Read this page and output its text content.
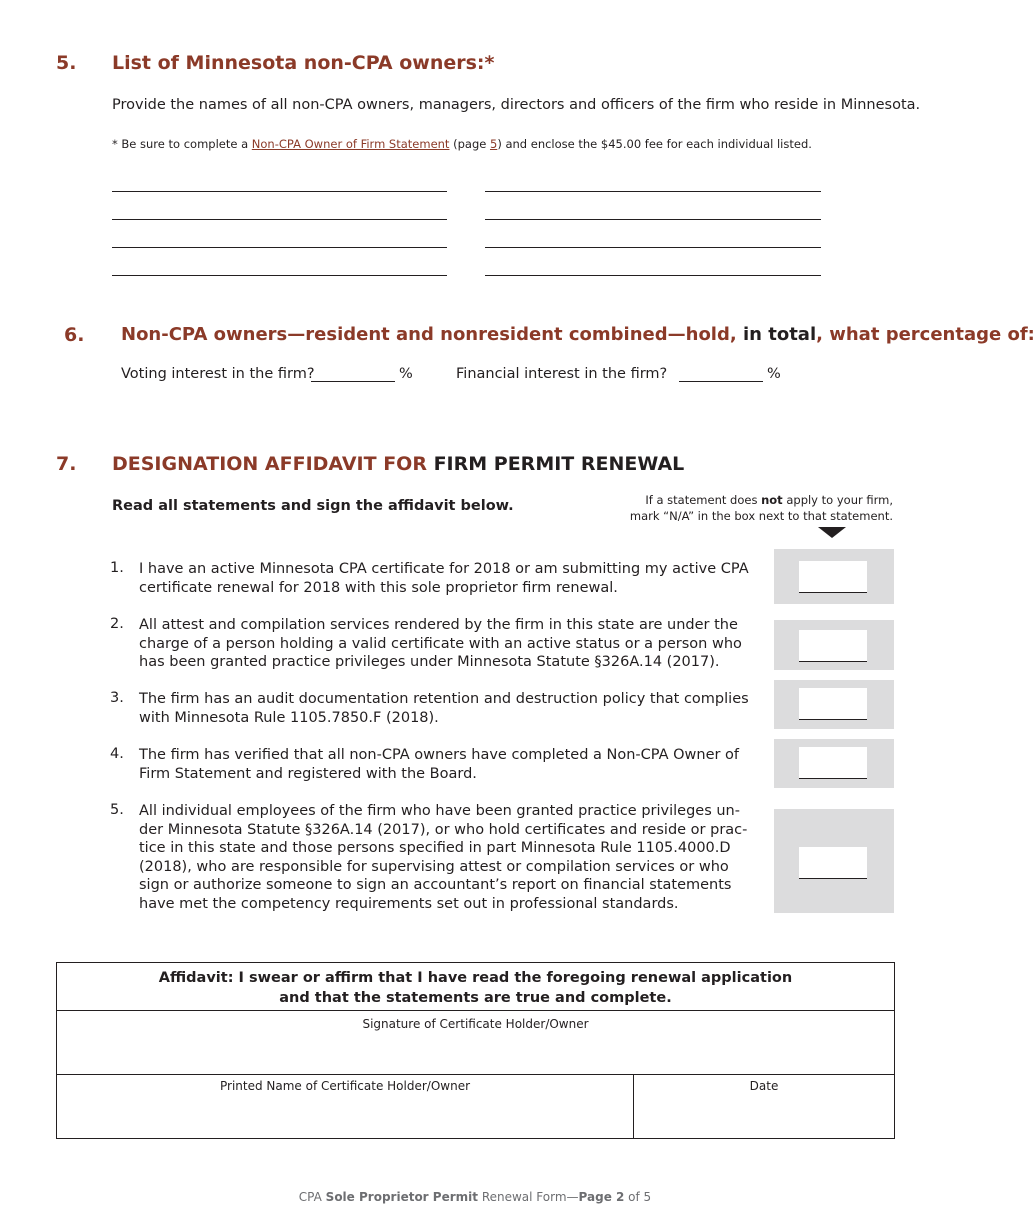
5. List of Minnesota non-CPA owners:*
Provide the names of all non-CPA owners, managers, directors and officers of the firm who reside in Minnesota.
* Be sure to complete a Non-CPA Owner of Firm Statement (page 5) and enclose the $45.00 fee for each individual listed.
6. Non-CPA owners—resident and nonresident combined—hold, in total, what percentage of:
Voting interest in the firm?	%	Financial interest in the firm?	%
7. DESIGNATION AFFIDAVIT FOR FIRM PERMIT RENEWAL
Read all statements and sign the affidavit below.	If a statement does not apply to your firm,
mark “N/A” in the box next to that statement.
1. I have an active Minnesota CPA certificate for 2018 or am submitting my active CPA
certificate renewal for 2018 with this sole proprietor firm renewal.
2. All attest and compilation services rendered by the firm in this state are under the
charge of a person holding a valid certificate with an active status or a person who
has been granted practice privileges under Minnesota Statute §326A.14 (2017).
3. The firm has an audit documentation retention and destruction policy that complies
with Minnesota Rule 1105.7850.F (2018).
4. The firm has verified that all non-CPA owners have completed a Non-CPA Owner of
Firm Statement and registered with the Board.
5. All individual employees of the firm who have been granted practice privileges un-
der Minnesota Statute §326A.14 (2017), or who hold certificates and reside or prac-
tice in this state and those persons specified in part Minnesota Rule 1105.4000.D
(2018), who are responsible for supervising attest or compilation services or who
sign or authorize someone to sign an accountant’s report on financial statements
have met the competency requirements set out in professional standards.
Affidavit: I swear or affirm that I have read the foregoing renewal application
and that the statements are true and complete.
Signature of Certificate Holder/Owner
Printed Name of Certificate Holder/Owner	Date
CPA Sole Proprietor Permit Renewal Form—Page 2 of 5
